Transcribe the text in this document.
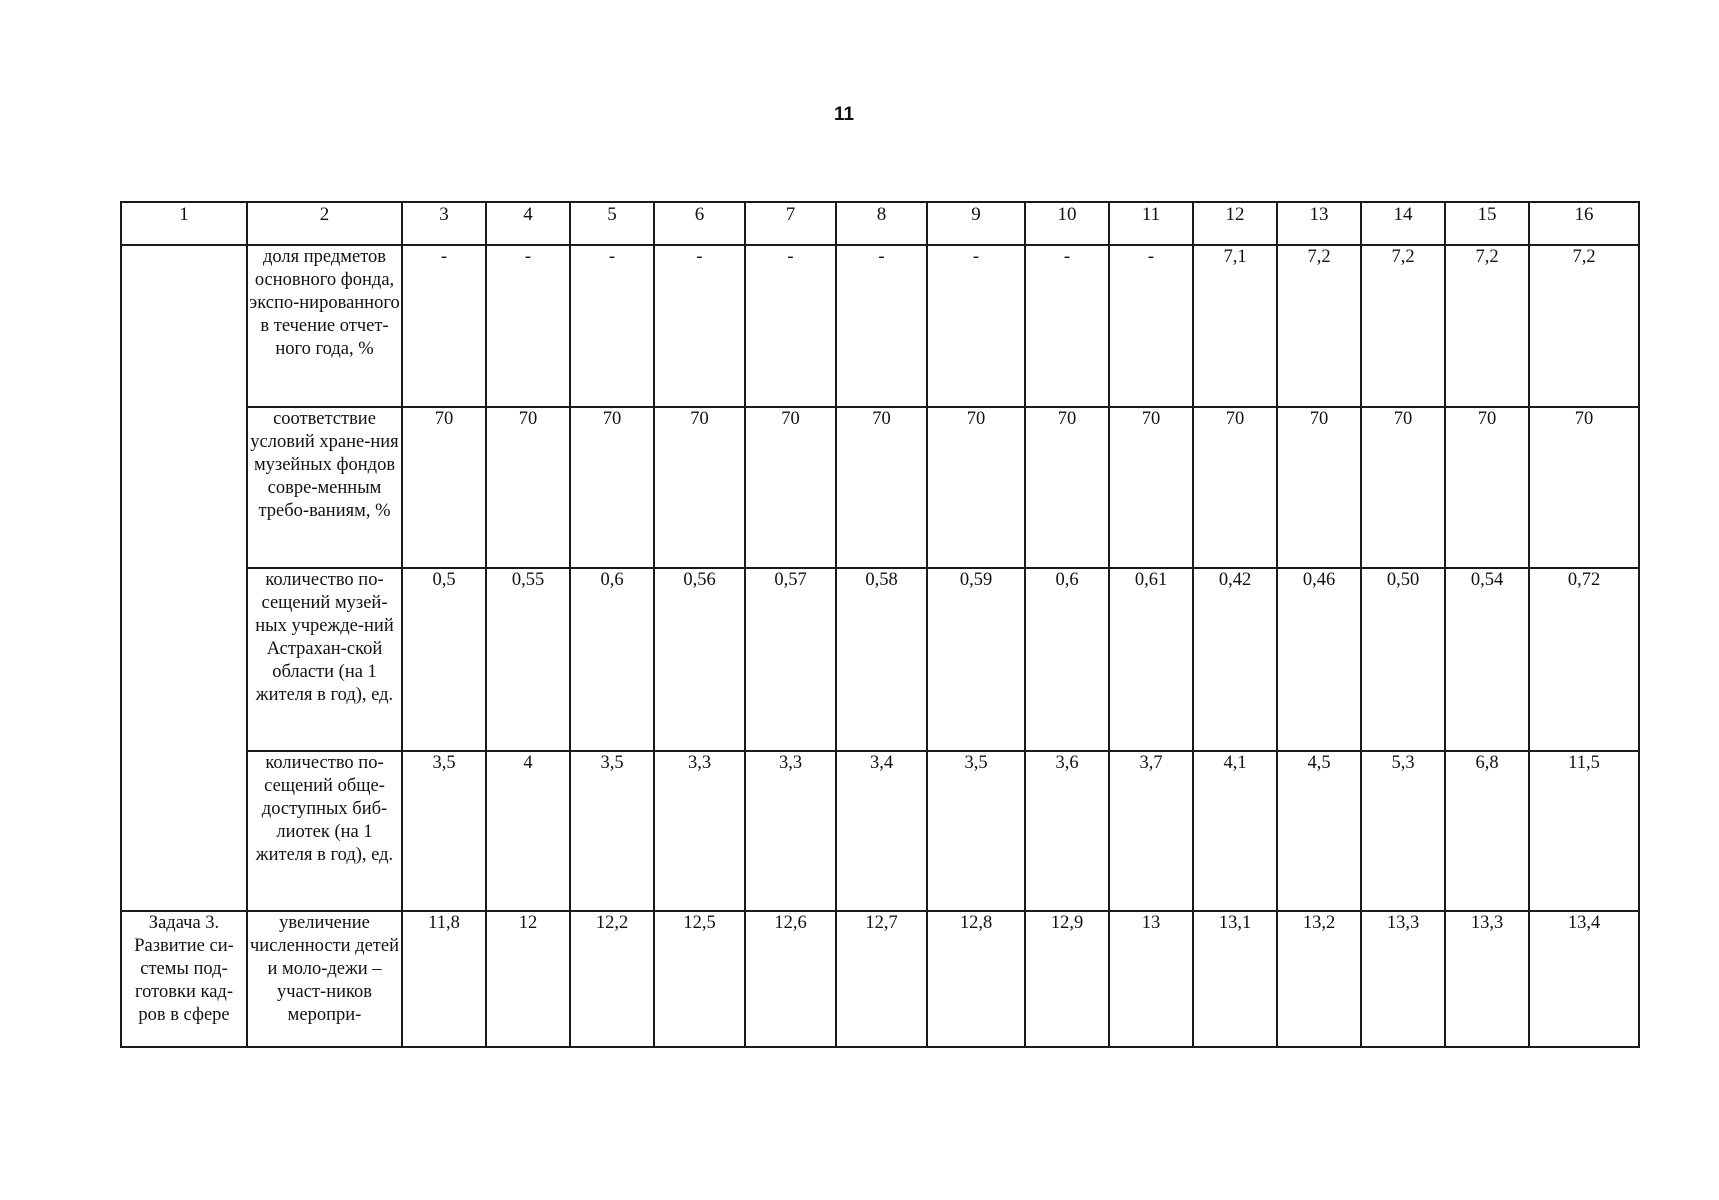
11
1	2	3	4	5	6	7	8	9	10	11	12	13	14	15	16

	доля предметов основного фонда, экспо-нированного в течение отчет-ного года, %	-	-	-	-	-	-	-	-	-	7,1	7,2	7,2	7,2	7,2
	соответствие условий хране-ния музейных фондов совре-менным требо-ваниям, %	70	70	70	70	70	70	70	70	70	70	70	70	70	70
	количество по-сещений музей-ных учрежде-ний Астрахан-ской области (на 1 жителя в год), ед.	0,5	0,55	0,6	0,56	0,57	0,58	0,59	0,6	0,61	0,42	0,46	0,50	0,54	0,72
	количество по-сещений обще-доступных биб-лиотек (на 1 жителя в год), ед.	3,5	4	3,5	3,3	3,3	3,4	3,5	3,6	3,7	4,1	4,5	5,3	6,8	11,5
Задача 3. Развитие си-стемы под-готовки кад-ров в сфере	увеличение численности детей и моло-дежи – участ-ников меропри-	11,8	12	12,2	12,5	12,6	12,7	12,8	12,9	13	13,1	13,2	13,3	13,3	13,4
